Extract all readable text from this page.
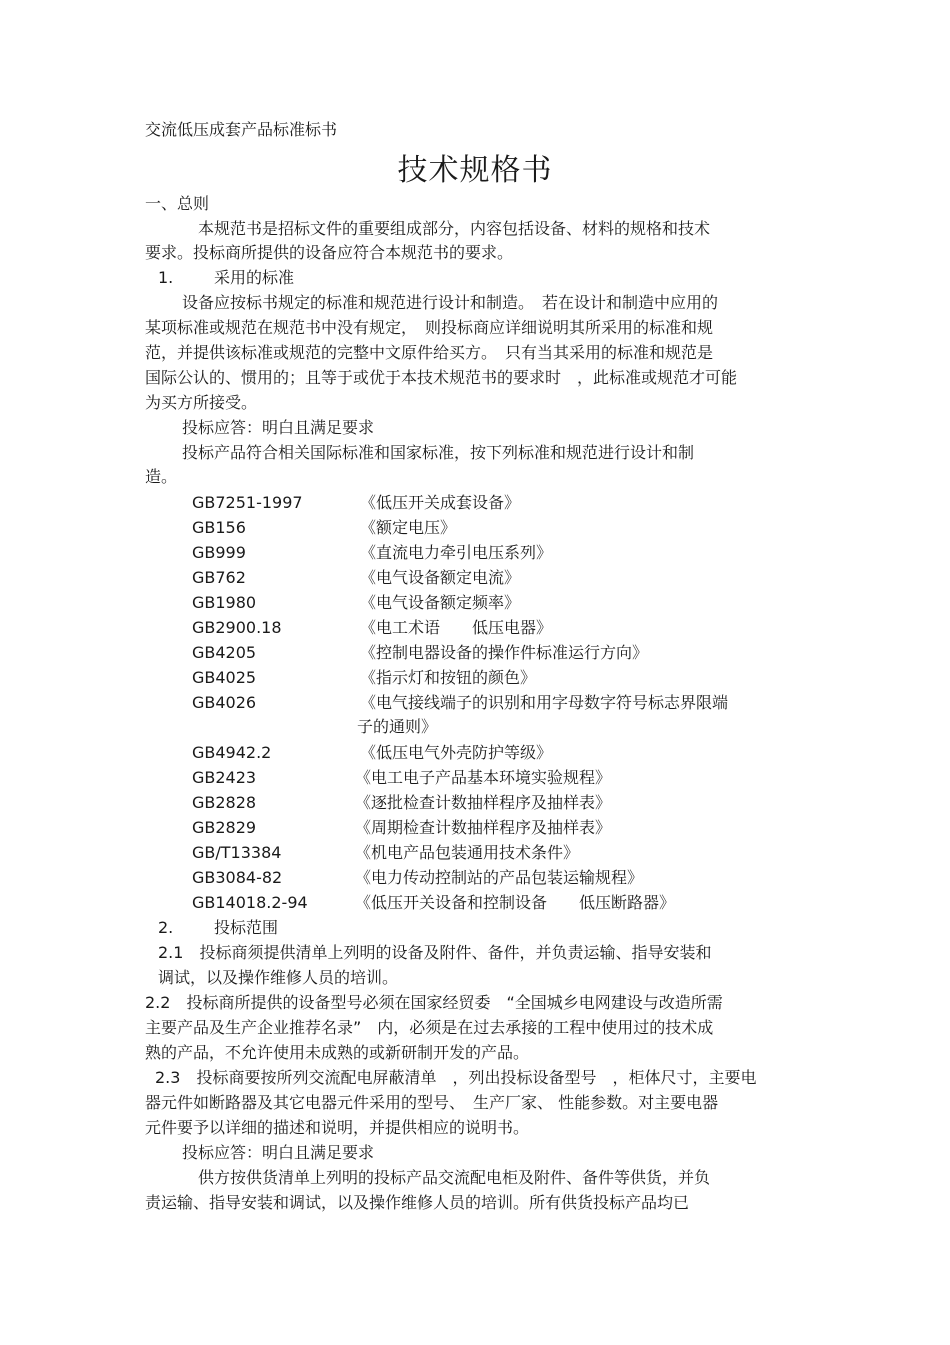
交流低压成套产品标准标书
技术规格书
一、总则
本规范书是招标文件的重要组成部分，内容包括设备、材料的规格和技术
要求。投标商所提供的设备应符合本规范书的要求。
1.	采用的标准
设备应按标书规定的标准和规范进行设计和制造。　若在设计和制造中应用的
某项标准或规范在规范书中没有规定，　则投标商应详细说明其所采用的标准和规
范，并提供该标准或规范的完整中文原件给买方。　只有当其采用的标准和规范是
国际公认的、惯用的；且等于或优于本技术规范书的要求时　，此标准或规范才可能
为买方所接受。
投标应答：明白且满足要求
投标产品符合相关国际标准和国家标准，按下列标准和规范进行设计和制
造。
GB7251-1997	《低压开关成套设备》
GB156	《额定电压》
GB999	《直流电力牵引电压系列》
GB762	《电气设备额定电流》
GB1980	《电气设备额定频率》
GB2900.18	《电工术语　　低压电器》
GB4205	《控制电器设备的操作件标准运行方向》
GB4025	《指示灯和按钮的颜色》
GB4026	《电气接线端子的识别和用字母数字符号标志界限端
子的通则》
GB4942.2	《低压电气外壳防护等级》
GB2423	《电工电子产品基本环境实验规程》
GB2828	《逐批检查计数抽样程序及抽样表》
GB2829	《周期检查计数抽样程序及抽样表》
GB/T13384	《机电产品包装通用技术条件》
GB3084-82	《电力传动控制站的产品包装运输规程》
GB14018.2-94	《低压开关设备和控制设备　　低压断路器》
2.	投标范围
2.1　投标商须提供清单上列明的设备及附件、备件，并负责运输、指导安装和
调试，以及操作维修人员的培训。
2.2　投标商所提供的设备型号必须在国家经贸委　“全国城乡电网建设与改造所需
主要产品及生产企业推荐名录”　内，必须是在过去承接的工程中使用过的技术成
熟的产品，不允许使用未成熟的或新研制开发的产品。
2.3　投标商要按所列交流配电屏蔽清单　，列出投标设备型号　，柜体尺寸，主要电
器元件如断路器及其它电器元件采用的型号、　生产厂家、 性能参数。对主要电器
元件要予以详细的描述和说明，并提供相应的说明书。
投标应答：明白且满足要求
供方按供货清单上列明的投标产品交流配电柜及附件、备件等供货，并负
责运输、指导安装和调试，以及操作维修人员的培训。所有供货投标产品均已
